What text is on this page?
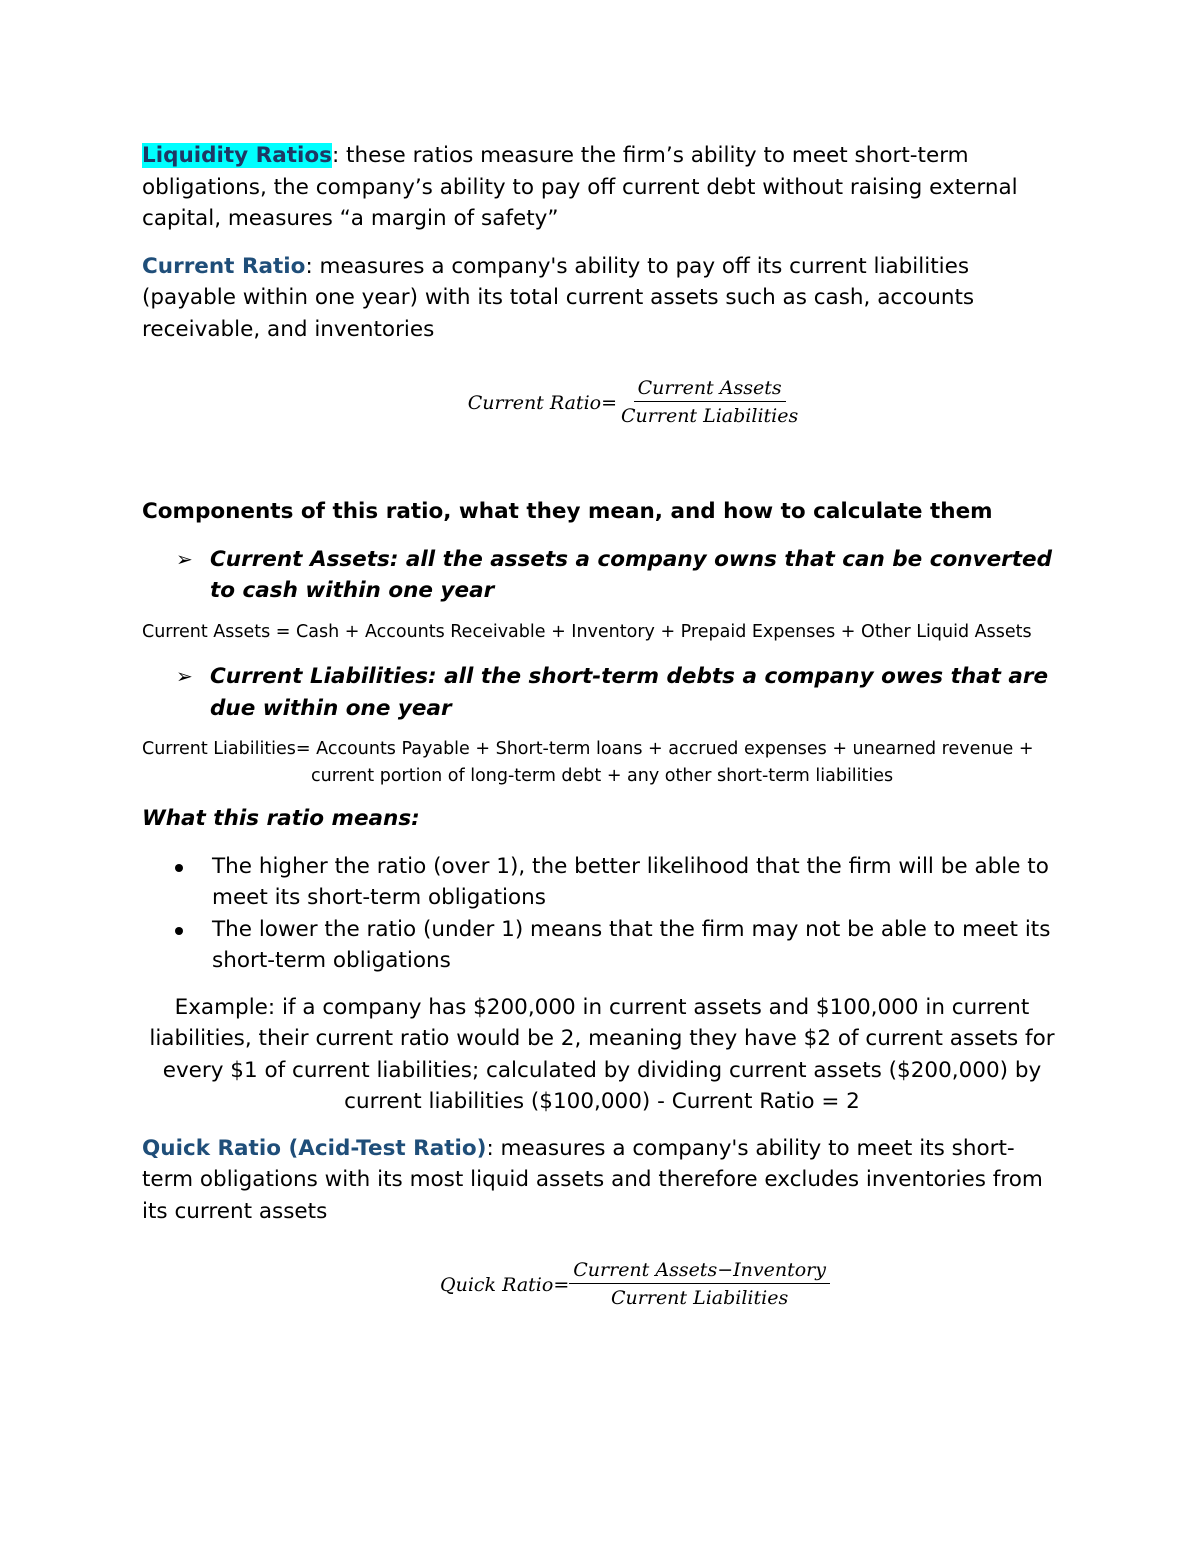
Liquidity Ratios: these ratios measure the firm’s ability to meet short-term obligations, the company’s ability to pay off current debt without raising external capital, measures “a margin of safety”

Current Ratio: measures a company's ability to pay off its current liabilities (payable within one year) with its total current assets such as cash, accounts receivable, and inventories

Current Ratio = $\frac{\text{Current Assets}}{\text{Current Liabilities}}$

Components of this ratio, what they mean, and how to calculate them

➢ Current Assets: all the assets a company owns that can be converted to cash within one year

Current Assets = Cash + Accounts Receivable + Inventory + Prepaid Expenses + Other Liquid Assets

➢ Current Liabilities: all the short-term debts a company owes that are due within one year

Current Liabilities= Accounts Payable + Short-term loans + accrued expenses + unearned revenue + current portion of long-term debt + any other short-term liabilities

What this ratio means:

The higher the ratio (over 1), the better likelihood that the firm will be able to meet its short-term obligations
The lower the ratio (under 1) means that the firm may not be able to meet its short-term obligations

Example: if a company has $200,000 in current assets and $100,000 in current liabilities, their current ratio would be 2, meaning they have $2 of current assets for every $1 of current liabilities; calculated by dividing current assets ($200,000) by current liabilities ($100,000) - Current Ratio = 2

Quick Ratio (Acid-Test Ratio): measures a company's ability to meet its short-term obligations with its most liquid assets and therefore excludes inventories from its current assets

Quick Ratio = $\frac{\text{Current Assets−Inventory}}{\text{Current Liabilities}}$
